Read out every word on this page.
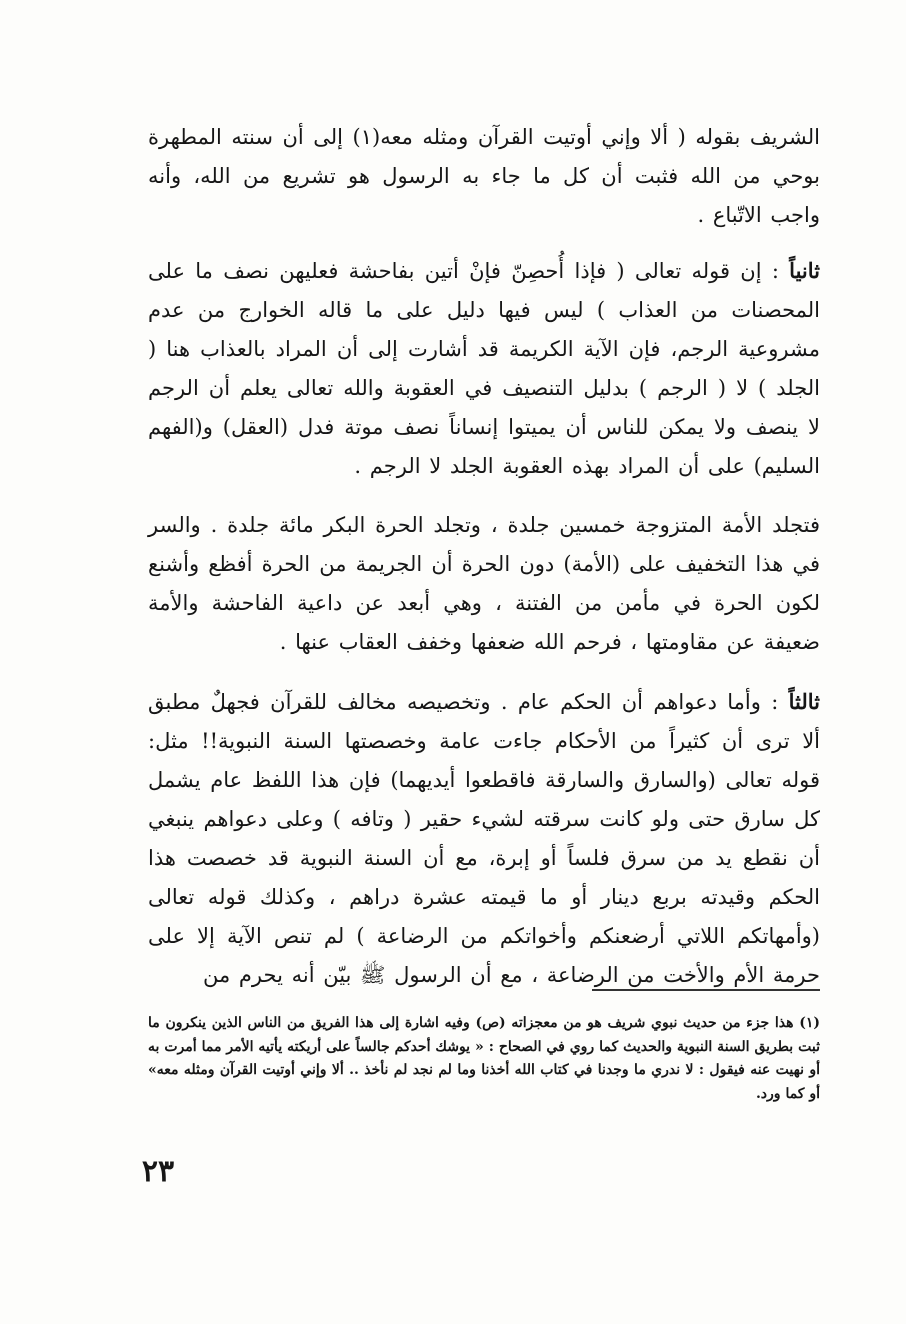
الشريف بقوله ( ألا وإني أوتيت القرآن ومثله معه(١) إلى أن سنته المطهرة بوحي من الله فثبت أن كل ما جاء به الرسول هو تشريع من الله، وأنه واجب الاتّباع .

ثانياً : إن قوله تعالى ( فإذا أُحصِنّ فإنْ أتين بفاحشة فعليهن نصف ما على المحصنات من العذاب ) ليس فيها دليل على ما قاله الخوارج من عدم مشروعية الرجم، فإن الآية الكريمة قد أشارت إلى أن المراد بالعذاب هنا ( الجلد ) لا ( الرجم ) بدليل التنصيف في العقوبة والله تعالى يعلم أن الرجم لا ينصف ولا يمكن للناس أن يميتوا إنساناً نصف موتة فدل (العقل) و(الفهم السليم) على أن المراد بهذه العقوبة الجلد لا الرجم .

فتجلد الأمة المتزوجة خمسين جلدة ، وتجلد الحرة البكر مائة جلدة . والسر في هذا التخفيف على (الأمة) دون الحرة أن الجريمة من الحرة أفظع وأشنع لكون الحرة في مأمن من الفتنة ، وهي أبعد عن داعية الفاحشة والأمة ضعيفة عن مقاومتها ، فرحم الله ضعفها وخفف العقاب عنها .

ثالثاً : وأما دعواهم أن الحكم عام . وتخصيصه مخالف للقرآن فجهلٌ مطبق ألا ترى أن كثيراً من الأحكام جاءت عامة وخصصتها السنة النبوية!! مثل: قوله تعالى (والسارق والسارقة فاقطعوا أيديهما) فإن هذا اللفظ عام يشمل كل سارق حتى ولو كانت سرقته لشيء حقير ( وتافه ) وعلى دعواهم ينبغي أن نقطع يد من سرق فلساً أو إبرة، مع أن السنة النبوية قد خصصت هذا الحكم وقيدته بربع دينار أو ما قيمته عشرة دراهم ، وكذلك قوله تعالى (وأمهاتكم اللاتي أرضعنكم وأخواتكم من الرضاعة ) لم تنص الآية إلا على حرمة الأم والأخت من الرضاعة ، مع أن الرسول ﷺ بيّن أنه يحرم من

(١) هذا جزء من حديث نبوي شريف هو من معجزاته (ص) وفيه اشارة إلى هذا الفريق من الناس الذين ينكرون ما ثبت بطريق السنة النبوية والحديث كما روي في الصحاح : « يوشك أحدكم جالساً على أريكته يأتيه الأمر مما أمرت به أو نهيت عنه فيقول : لا ندري ما وجدنا في كتاب الله أخذنا وما لم نجد لم نأخذ .. ألا وإني أوتيت القرآن ومثله معه» أو كما ورد.

٢٣
